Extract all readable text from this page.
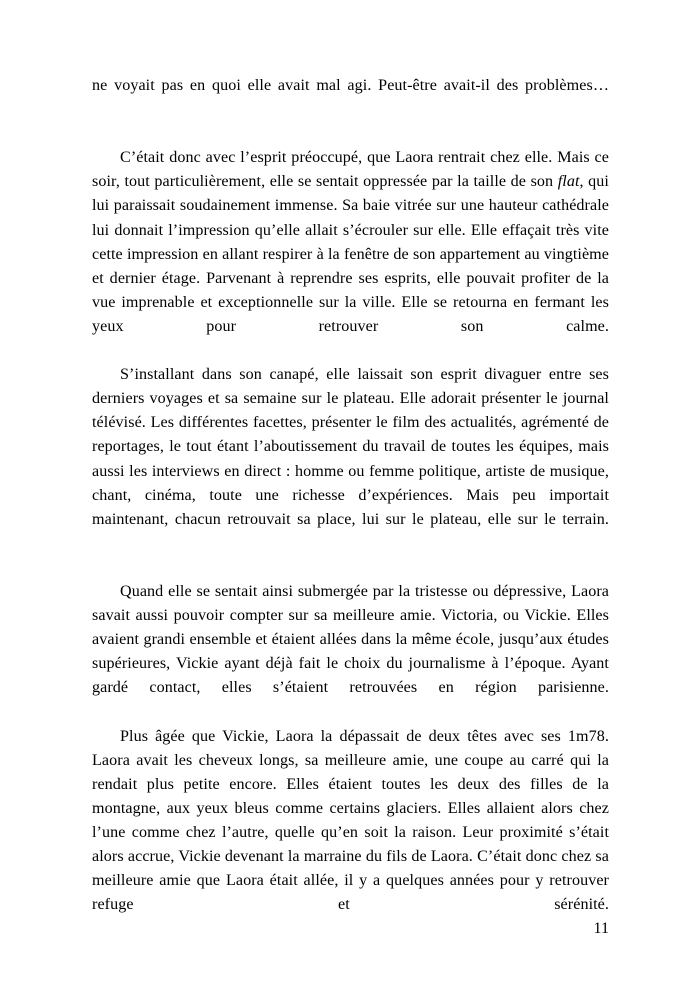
ne voyait pas en quoi elle avait mal agi. Peut-être avait-il des problèmes…

C’était donc avec l’esprit préoccupé, que Laora rentrait chez elle. Mais ce soir, tout particulièrement, elle se sentait oppressée par la taille de son flat, qui lui paraissait soudainement immense. Sa baie vitrée sur une hauteur cathédrale lui donnait l’impression qu’elle allait s’écrouler sur elle. Elle effaçait très vite cette impression en allant respirer à la fenêtre de son appartement au vingtième et dernier étage. Parvenant à reprendre ses esprits, elle pouvait profiter de la vue imprenable et exceptionnelle sur la ville. Elle se retourna en fermant les yeux pour retrouver son calme.

S’installant dans son canapé, elle laissait son esprit divaguer entre ses derniers voyages et sa semaine sur le plateau. Elle adorait présenter le journal télévisé. Les différentes facettes, présenter le film des actualités, agrémenté de reportages, le tout étant l’aboutissement du travail de toutes les équipes, mais aussi les interviews en direct : homme ou femme politique, artiste de musique, chant, cinéma, toute une richesse d’expériences. Mais peu importait maintenant, chacun retrouvait sa place, lui sur le plateau, elle sur le terrain.

Quand elle se sentait ainsi submergée par la tristesse ou dépressive, Laora savait aussi pouvoir compter sur sa meilleure amie. Victoria, ou Vickie. Elles avaient grandi ensemble et étaient allées dans la même école, jusqu’aux études supérieures, Vickie ayant déjà fait le choix du journalisme à l’époque. Ayant gardé contact, elles s’étaient retrouvées en région parisienne.

Plus âgée que Vickie, Laora la dépassait de deux têtes avec ses 1m78. Laora avait les cheveux longs, sa meilleure amie, une coupe au carré qui la rendait plus petite encore. Elles étaient toutes les deux des filles de la montagne, aux yeux bleus comme certains glaciers. Elles allaient alors chez l’une comme chez l’autre, quelle qu’en soit la raison. Leur proximité s’était alors accrue, Vickie devenant la marraine du fils de Laora. C’était donc chez sa meilleure amie que Laora était allée, il y a quelques années pour y retrouver refuge et sérénité.

11
